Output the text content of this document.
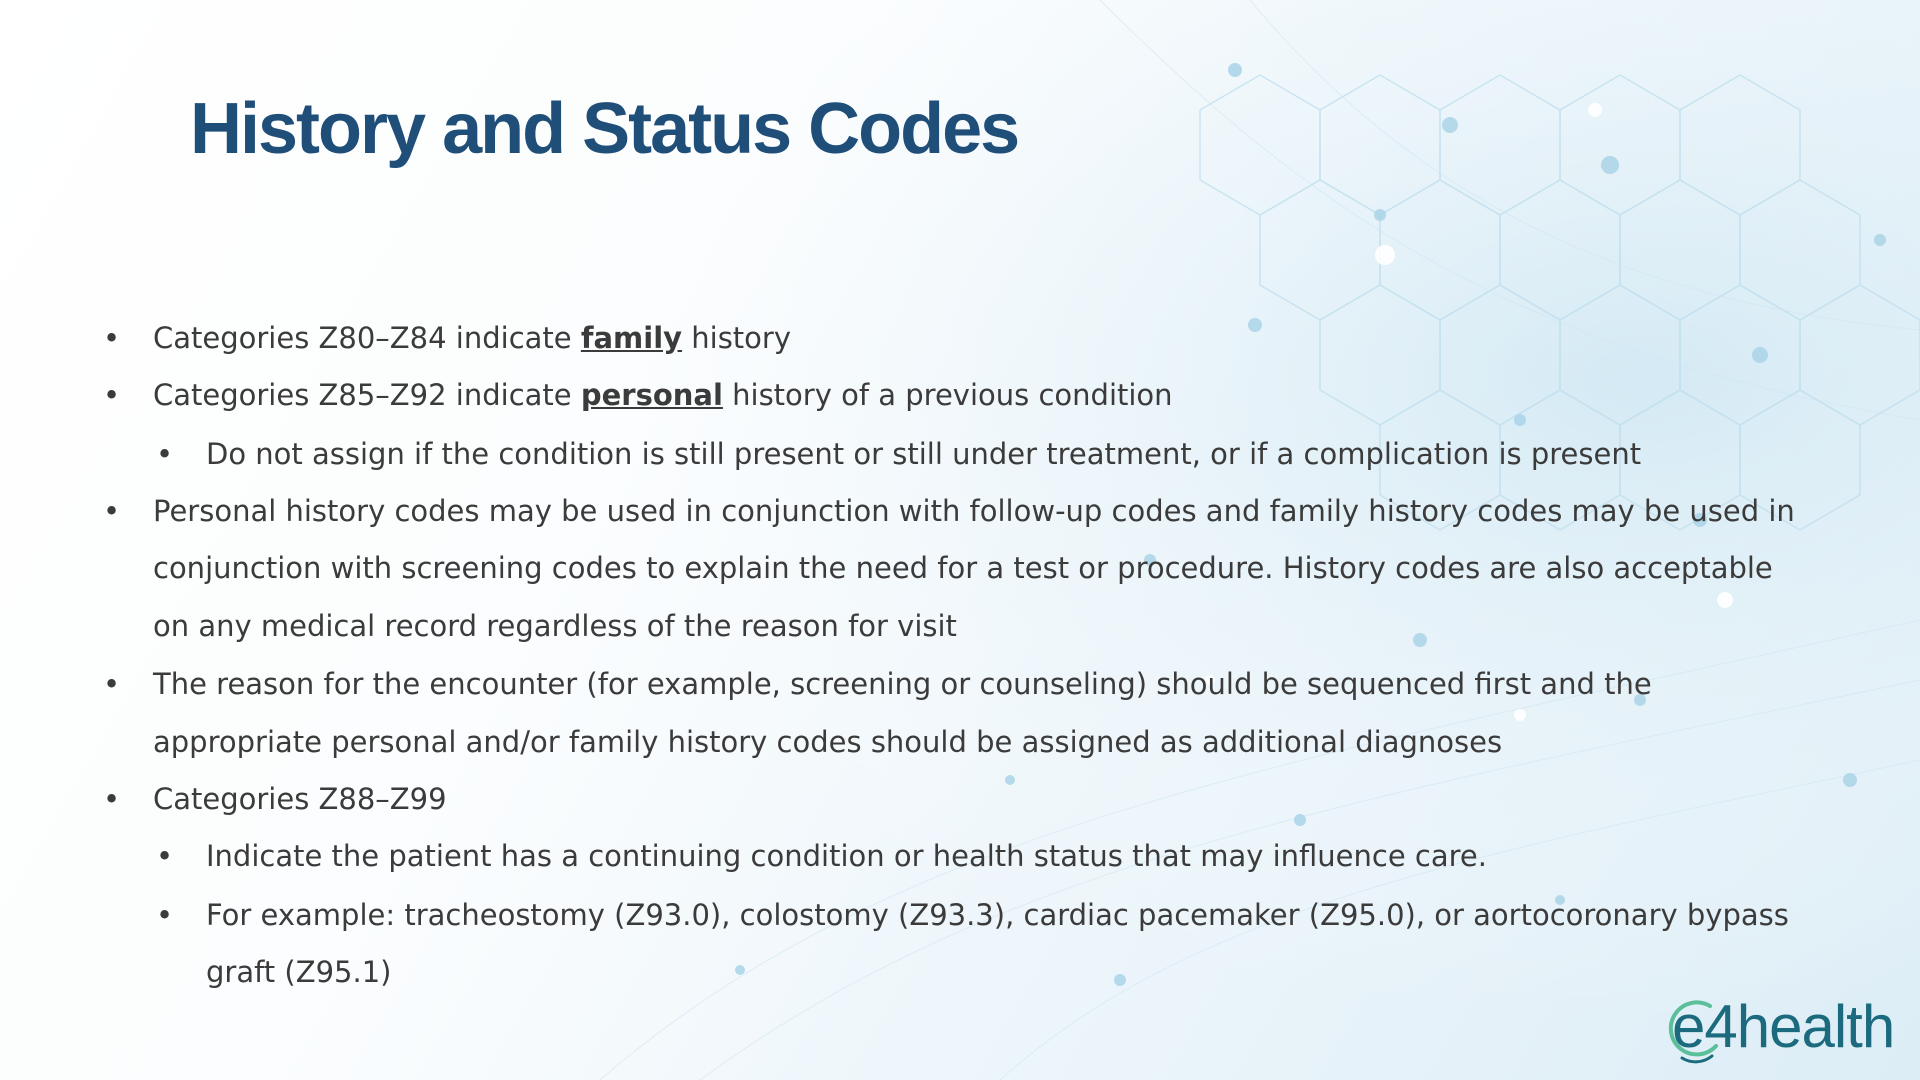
History and Status Codes
• Categories Z80–Z84 indicate family history
• Categories Z85–Z92 indicate personal history of a previous condition
• Do not assign if the condition is still present or still under treatment, or if a complication is present
• Personal history codes may be used in conjunction with follow-up codes and family history codes may be used in
conjunction with screening codes to explain the need for a test or procedure. History codes are also acceptable
on any medical record regardless of the reason for visit
• The reason for the encounter (for example, screening or counseling) should be sequenced first and the
appropriate personal and/or family history codes should be assigned as additional diagnoses
• Categories Z88–Z99
• Indicate the patient has a continuing condition or health status that may influence care.
• For example: tracheostomy (Z93.0), colostomy (Z93.3), cardiac pacemaker (Z95.0), or aortocoronary bypass
graft (Z95.1)
e4health
